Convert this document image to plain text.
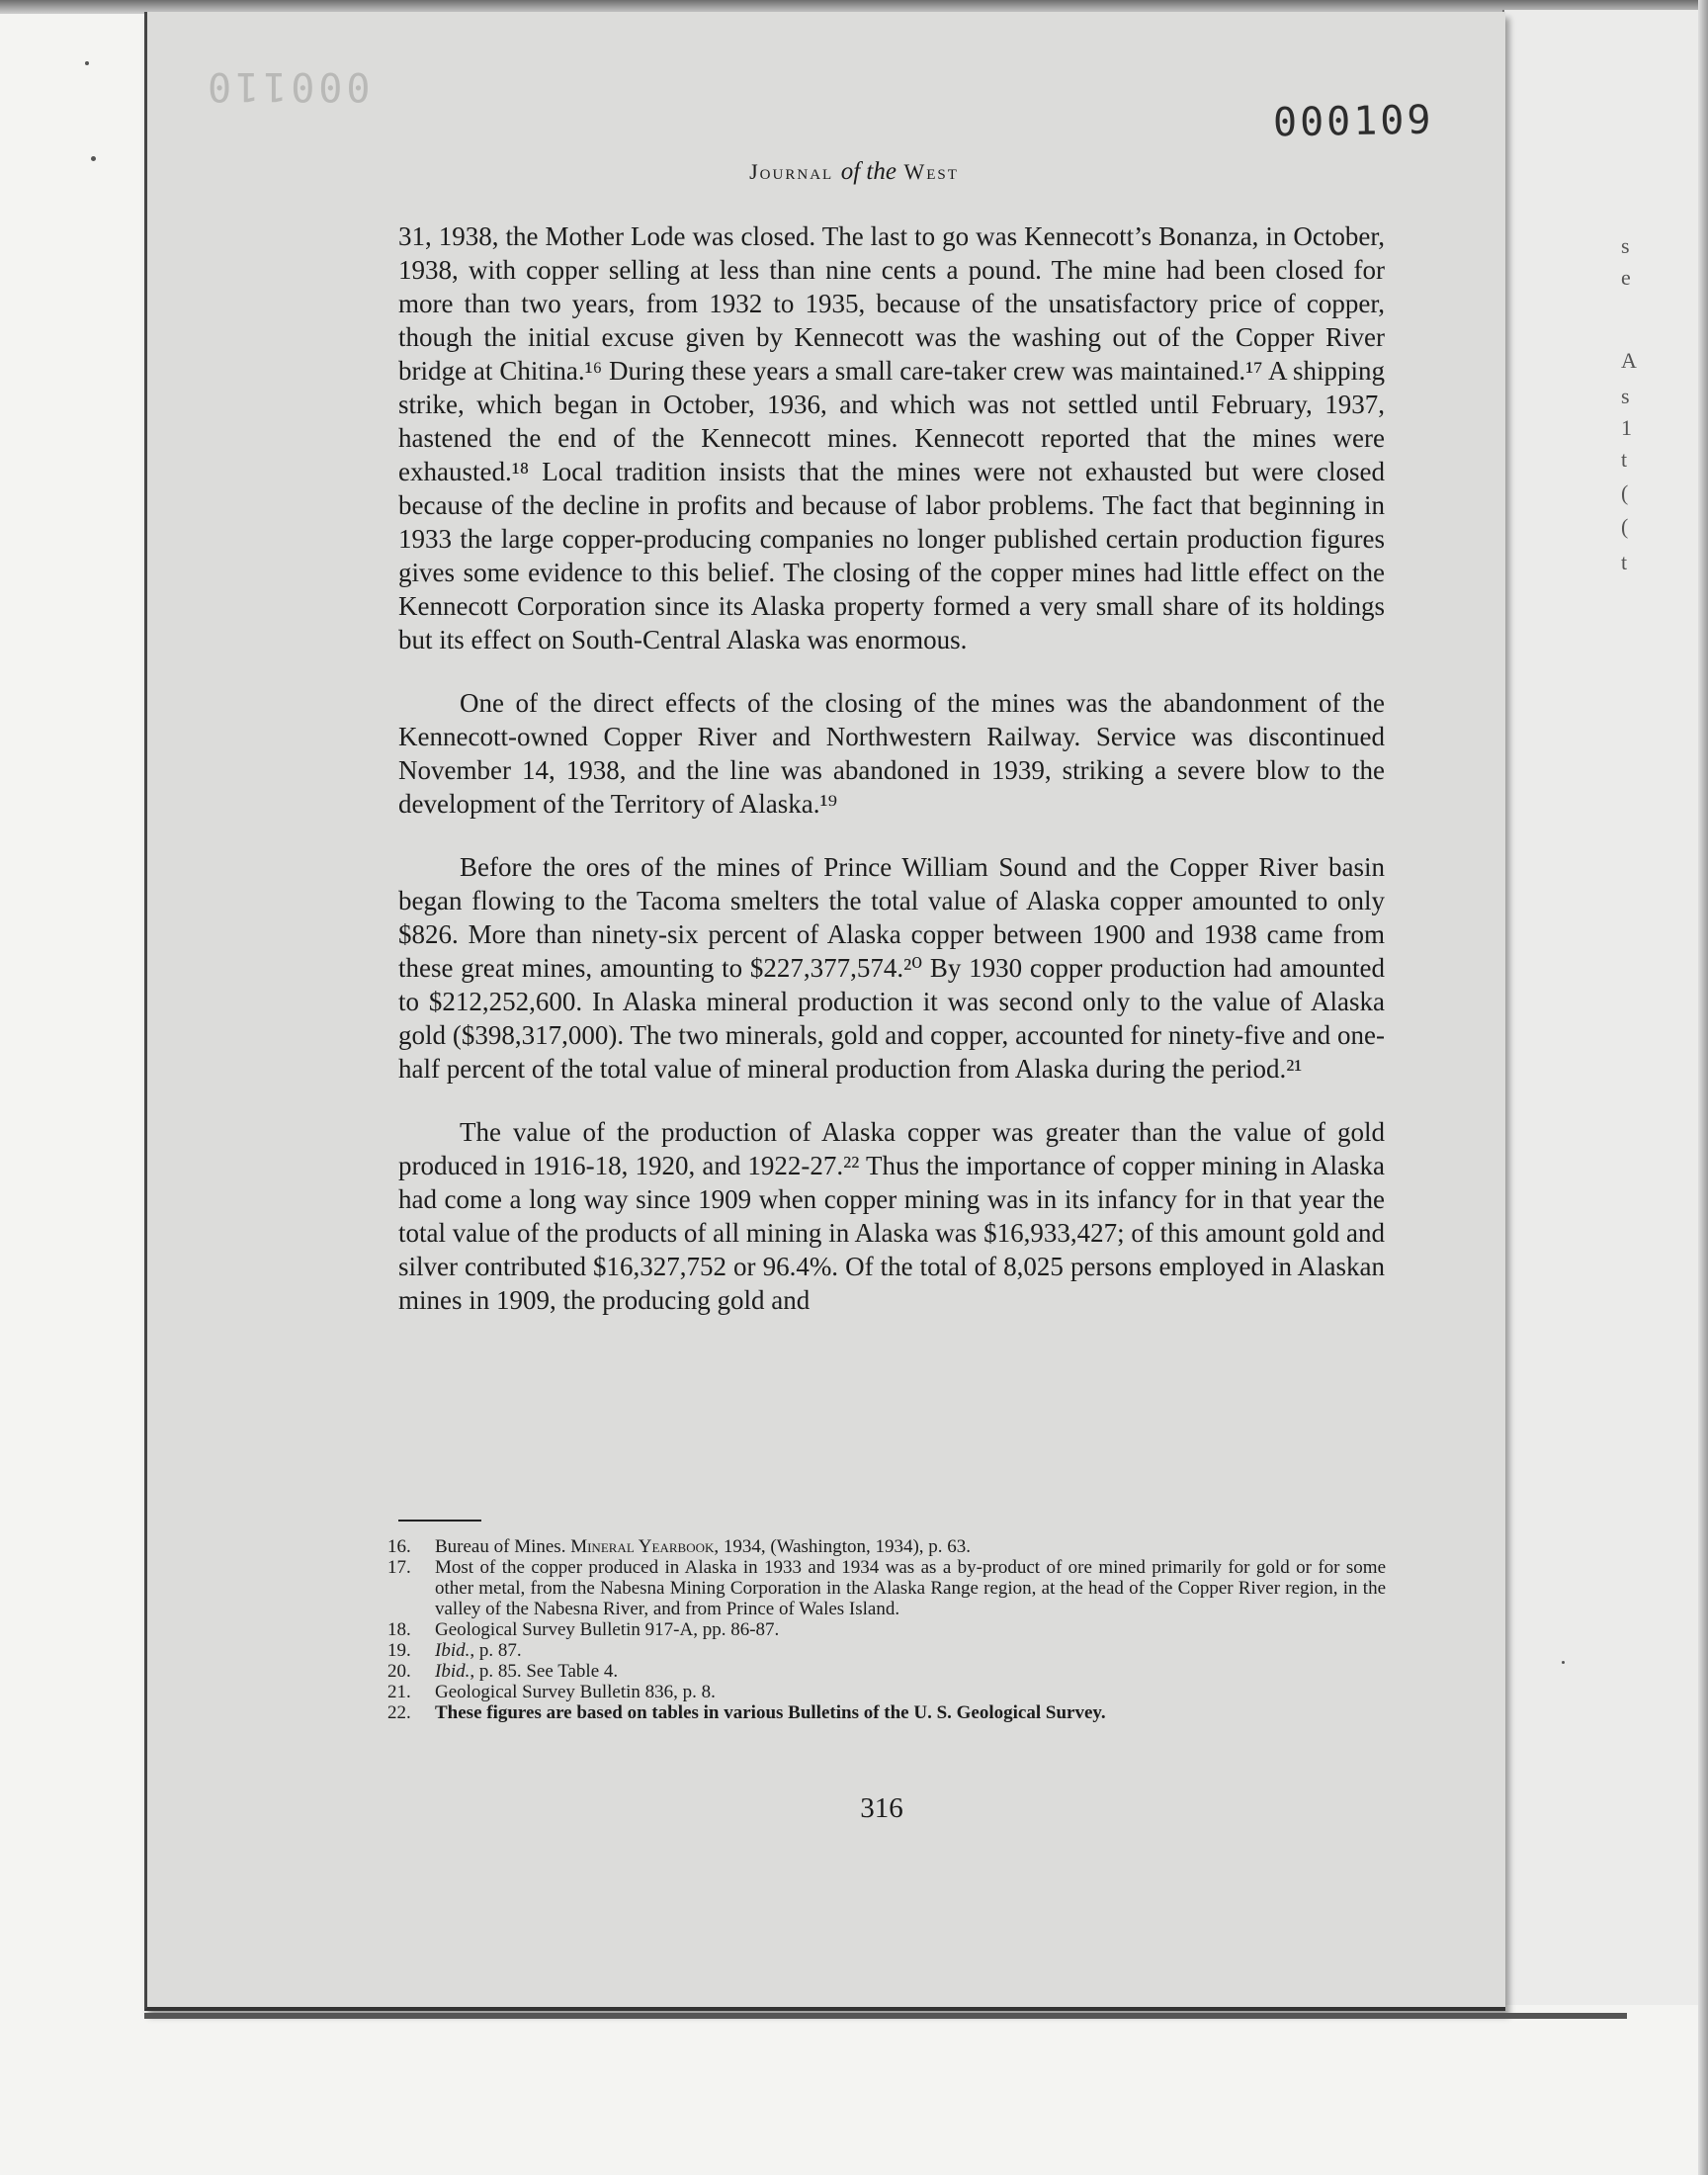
s
e
A
s
1
t
(
(
t
000110
000109
Journal of the West

31, 1938, the Mother Lode was closed. The last to go was Kennecott’s Bonanza, in October, 1938, with copper selling at less than nine cents a pound. The mine had been closed for more than two years, from 1932 to 1935, because of the unsatisfactory price of copper, though the initial excuse given by Kennecott was the washing out of the Copper River bridge at Chitina.¹⁶ During these years a small care-taker crew was maintained.¹⁷ A shipping strike, which began in October, 1936, and which was not settled until February, 1937, hastened the end of the Kennecott mines. Kennecott reported that the mines were exhausted.¹⁸ Local tradition insists that the mines were not exhausted but were closed because of the decline in profits and because of labor problems. The fact that beginning in 1933 the large copper-producing companies no longer published certain production figures gives some evidence to this belief. The closing of the copper mines had little effect on the Kennecott Corporation since its Alaska property formed a very small share of its holdings but its effect on South-Central Alaska was enormous.

One of the direct effects of the closing of the mines was the abandonment of the Kennecott-owned Copper River and Northwestern Railway. Service was discontinued November 14, 1938, and the line was abandoned in 1939, striking a severe blow to the development of the Territory of Alaska.¹⁹

Before the ores of the mines of Prince William Sound and the Copper River basin began flowing to the Tacoma smelters the total value of Alaska copper amounted to only $826. More than ninety-six percent of Alaska copper between 1900 and 1938 came from these great mines, amounting to $227,377,574.²⁰ By 1930 copper production had amounted to $212,252,600. In Alaska mineral production it was second only to the value of Alaska gold ($398,317,000). The two minerals, gold and copper, accounted for ninety-five and one-half percent of the total value of mineral production from Alaska during the period.²¹

The value of the production of Alaska copper was greater than the value of gold produced in 1916-18, 1920, and 1922-27.²² Thus the importance of copper mining in Alaska had come a long way since 1909 when copper mining was in its infancy for in that year the total value of the products of all mining in Alaska was $16,933,427; of this amount gold and silver contributed $16,327,752 or 96.4%. Of the total of 8,025 persons employed in Alaskan mines in 1909, the producing gold and

16.	Bureau of Mines. Mineral Yearbook, 1934, (Washington, 1934), p. 63.
17.	Most of the copper produced in Alaska in 1933 and 1934 was as a by-product of ore mined primarily for gold or for some other metal, from the Nabesna Mining Corporation in the Alaska Range region, at the head of the Copper River region, in the valley of the Nabesna River, and from Prince of Wales Island.
18.	Geological Survey Bulletin 917-A, pp. 86-87.
19.	Ibid., p. 87.
20.	Ibid., p. 85. See Table 4.
21.	Geological Survey Bulletin 836, p. 8.
22.	These figures are based on tables in various Bulletins of the U. S. Geological Survey.
316
